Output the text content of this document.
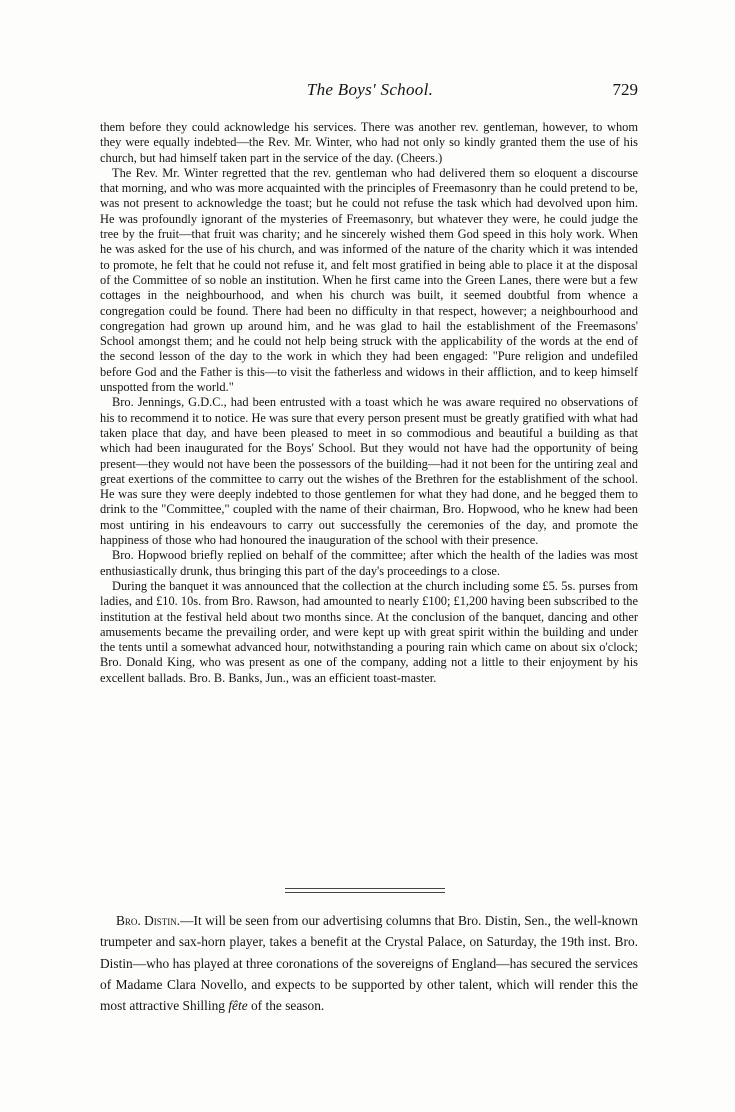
The Boys' School.	729

them before they could acknowledge his services. There was another rev. gentleman, however, to whom they were equally indebted—the Rev. Mr. Winter, who had not only so kindly granted them the use of his church, but had himself taken part in the service of the day. (Cheers.)

The Rev. Mr. Winter regretted that the rev. gentleman who had delivered them so eloquent a discourse that morning, and who was more acquainted with the principles of Freemasonry than he could pretend to be, was not present to acknowledge the toast; but he could not refuse the task which had devolved upon him. He was profoundly ignorant of the mysteries of Freemasonry, but whatever they were, he could judge the tree by the fruit—that fruit was charity; and he sincerely wished them God speed in this holy work. When he was asked for the use of his church, and was informed of the nature of the charity which it was intended to promote, he felt that he could not refuse it, and felt most gratified in being able to place it at the disposal of the Committee of so noble an institution. When he first came into the Green Lanes, there were but a few cottages in the neighbourhood, and when his church was built, it seemed doubtful from whence a congregation could be found. There had been no difficulty in that respect, however; a neighbourhood and congregation had grown up around him, and he was glad to hail the establishment of the Freemasons' School amongst them; and he could not help being struck with the applicability of the words at the end of the second lesson of the day to the work in which they had been engaged: "Pure religion and undefiled before God and the Father is this—to visit the fatherless and widows in their affliction, and to keep himself unspotted from the world."

Bro. Jennings, G.D.C., had been entrusted with a toast which he was aware required no observations of his to recommend it to notice. He was sure that every person present must be greatly gratified with what had taken place that day, and have been pleased to meet in so commodious and beautiful a building as that which had been inaugurated for the Boys' School. But they would not have had the opportunity of being present—they would not have been the possessors of the building—had it not been for the untiring zeal and great exertions of the committee to carry out the wishes of the Brethren for the establishment of the school. He was sure they were deeply indebted to those gentlemen for what they had done, and he begged them to drink to the "Committee," coupled with the name of their chairman, Bro. Hopwood, who he knew had been most untiring in his endeavours to carry out successfully the ceremonies of the day, and promote the happiness of those who had honoured the inauguration of the school with their presence.

Bro. Hopwood briefly replied on behalf of the committee; after which the health of the ladies was most enthusiastically drunk, thus bringing this part of the day's proceedings to a close.

During the banquet it was announced that the collection at the church including some £5. 5s. purses from ladies, and £10. 10s. from Bro. Rawson, had amounted to nearly £100; £1,200 having been subscribed to the institution at the festival held about two months since. At the conclusion of the banquet, dancing and other amusements became the prevailing order, and were kept up with great spirit within the building and under the tents until a somewhat advanced hour, notwithstanding a pouring rain which came on about six o'clock; Bro. Donald King, who was present as one of the company, adding not a little to their enjoyment by his excellent ballads. Bro. B. Banks, Jun., was an efficient toast-master.

Bro. Distin.—It will be seen from our advertising columns that Bro. Distin, Sen., the well-known trumpeter and sax-horn player, takes a benefit at the Crystal Palace, on Saturday, the 19th inst. Bro. Distin—who has played at three coronations of the sovereigns of England—has secured the services of Madame Clara Novello, and expects to be supported by other talent, which will render this the most attractive Shilling fête of the season.
